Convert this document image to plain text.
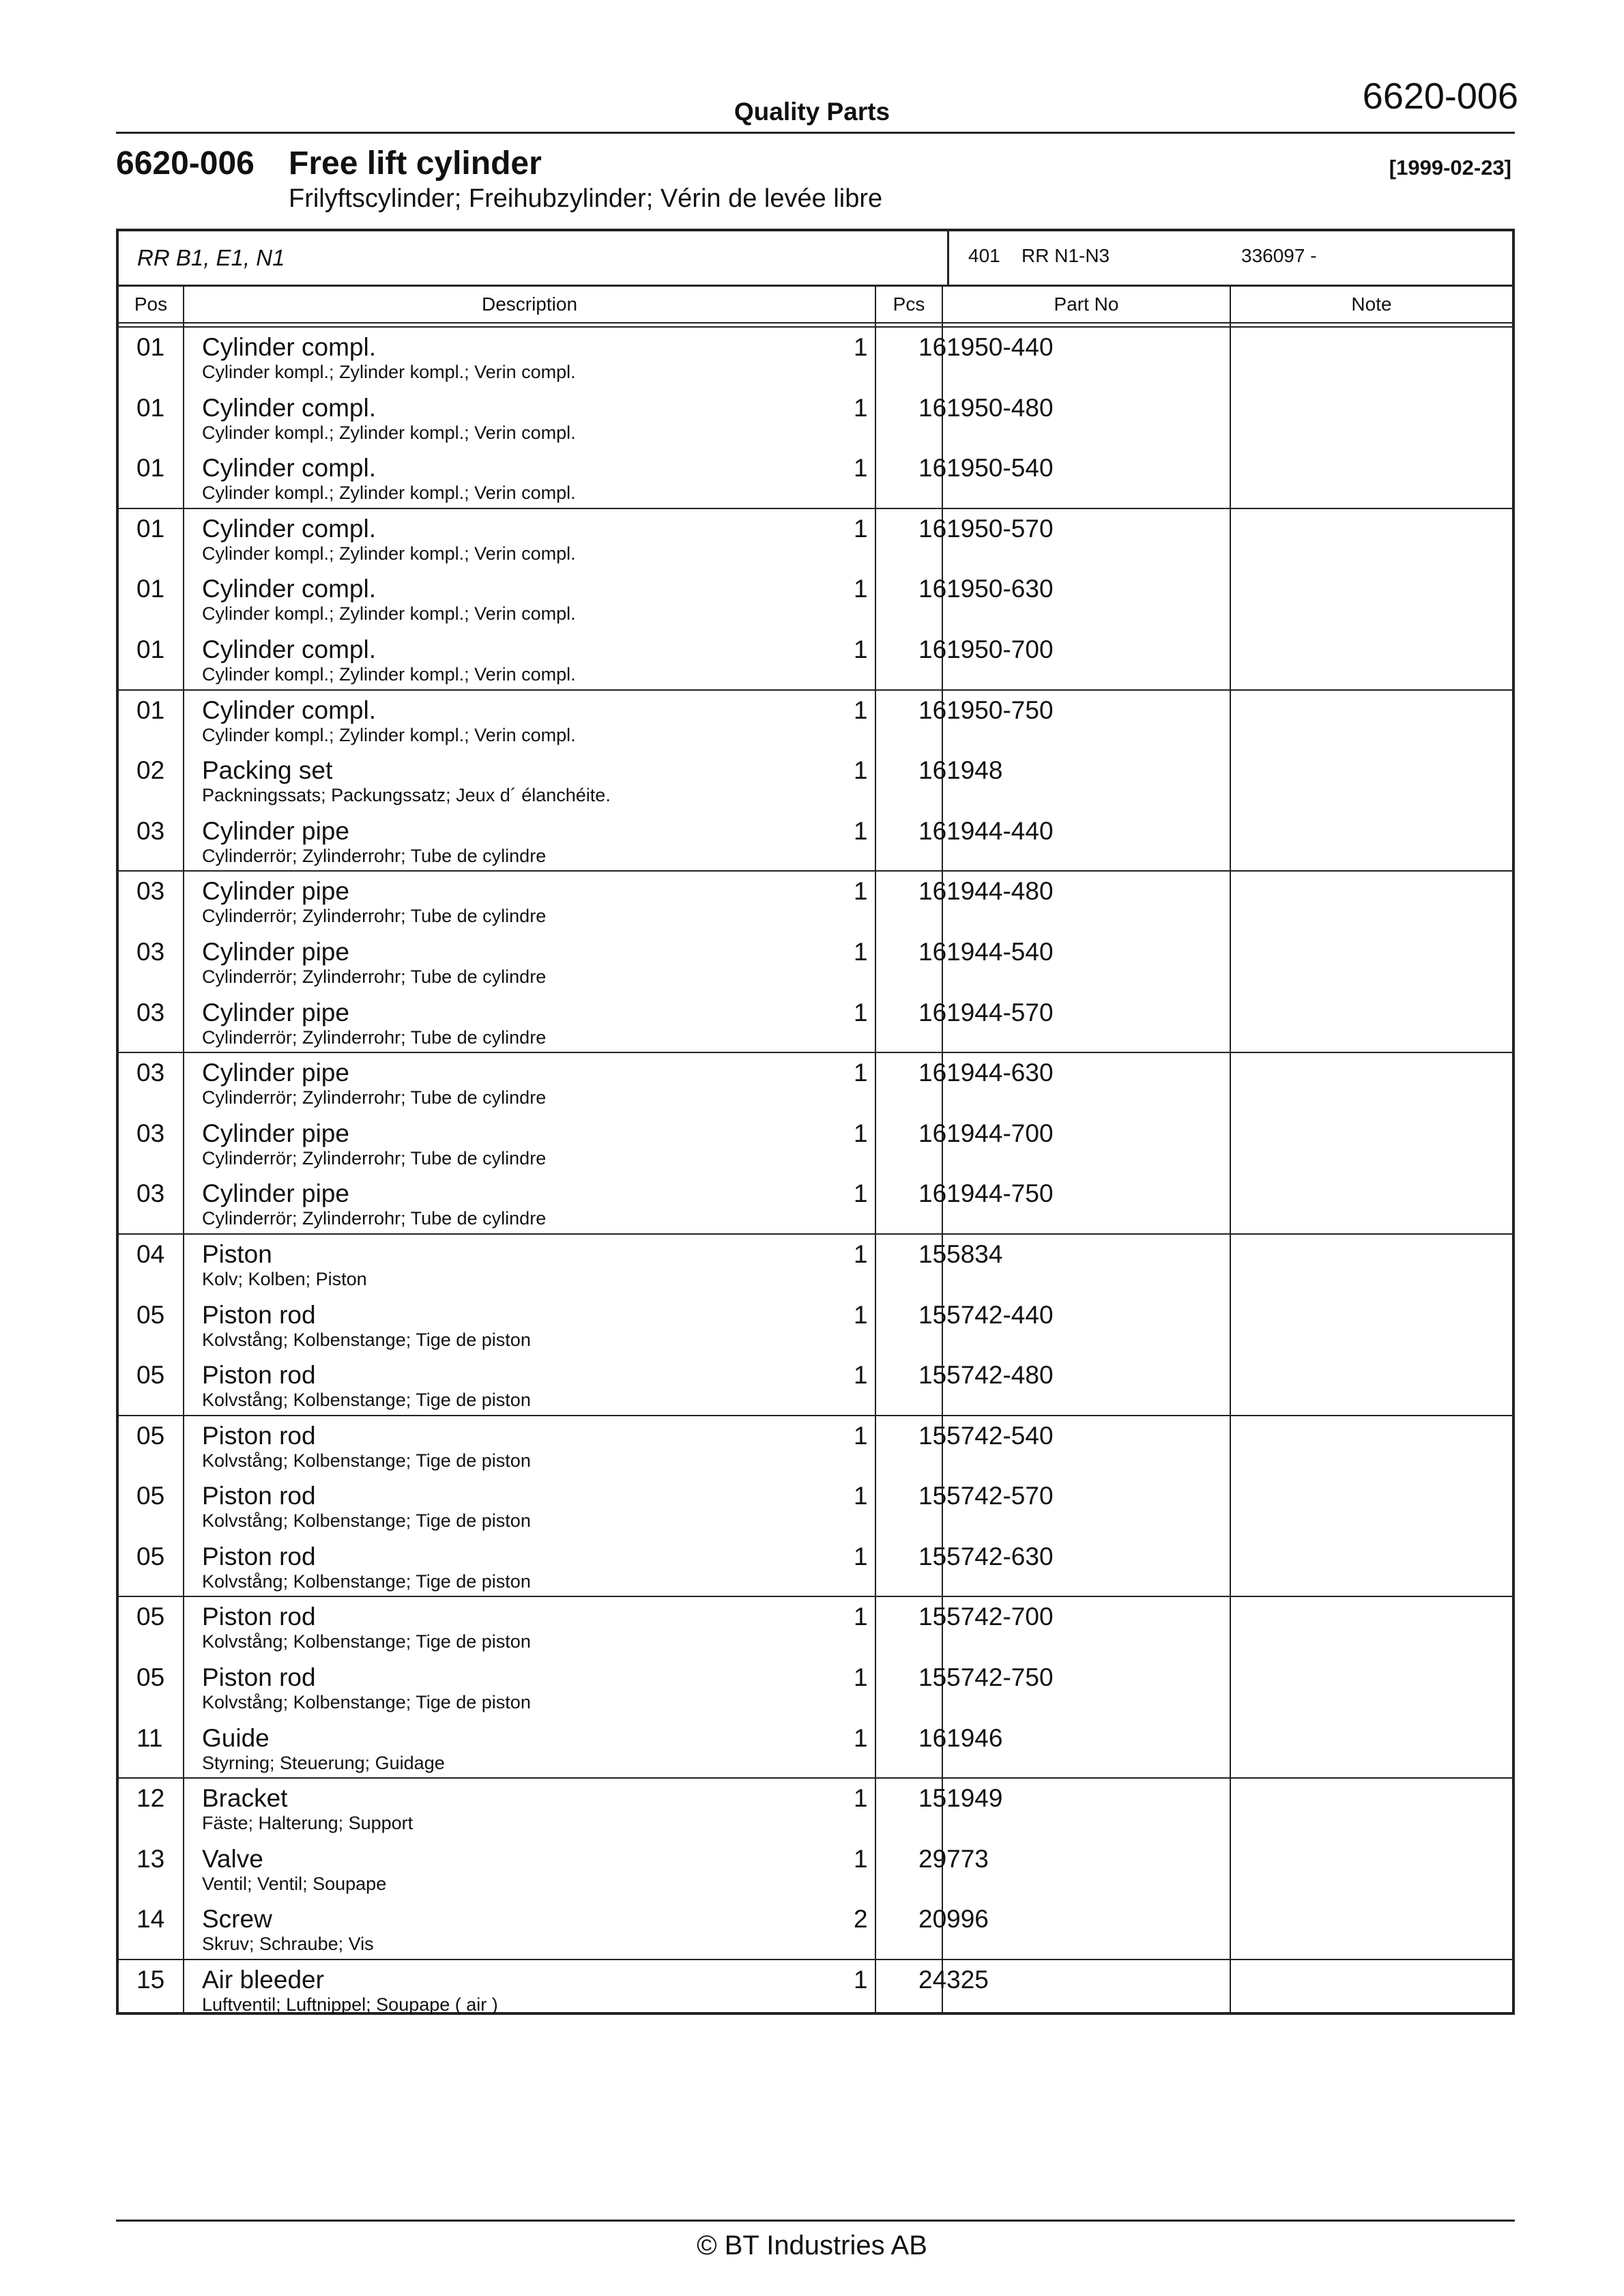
Quality Parts	6620-006
6620-006 Free lift cylinder	[1999-02-23]
Frilyftscylinder; Freihubzylinder; Vérin de levée libre
RR B1, E1, N1	401 RR N1-N3	336097 -
Pos	Description	Pcs	Part No	Note
01 Cylinder compl.
Cylinder kompl.; Zylinder kompl.; Verin compl.
1 161950-440
01 Cylinder compl.
Cylinder kompl.; Zylinder kompl.; Verin compl.
1 161950-480
01 Cylinder compl.
Cylinder kompl.; Zylinder kompl.; Verin compl.
1 161950-540
01 Cylinder compl.
Cylinder kompl.; Zylinder kompl.; Verin compl.
1 161950-570
01 Cylinder compl.
Cylinder kompl.; Zylinder kompl.; Verin compl.
1 161950-630
01 Cylinder compl.
Cylinder kompl.; Zylinder kompl.; Verin compl.
1 161950-700
01 Cylinder compl.
Cylinder kompl.; Zylinder kompl.; Verin compl.
1 161950-750
02 Packing set
Packningssats; Packungssatz; Jeux d´ élanchéite.
1 161948
03 Cylinder pipe
Cylinderrör; Zylinderrohr; Tube de cylindre
1 161944-440
03 Cylinder pipe
Cylinderrör; Zylinderrohr; Tube de cylindre
1 161944-480
03 Cylinder pipe
Cylinderrör; Zylinderrohr; Tube de cylindre
1 161944-540
03 Cylinder pipe
Cylinderrör; Zylinderrohr; Tube de cylindre
1 161944-570
03 Cylinder pipe
Cylinderrör; Zylinderrohr; Tube de cylindre
1 161944-630
03 Cylinder pipe
Cylinderrör; Zylinderrohr; Tube de cylindre
1 161944-700
03 Cylinder pipe
Cylinderrör; Zylinderrohr; Tube de cylindre
1 161944-750
04 Piston
Kolv; Kolben; Piston
1 155834
05 Piston rod
Kolvstång; Kolbenstange; Tige de piston
1 155742-440
05 Piston rod
Kolvstång; Kolbenstange; Tige de piston
1 155742-480
05 Piston rod
Kolvstång; Kolbenstange; Tige de piston
1 155742-540
05 Piston rod
Kolvstång; Kolbenstange; Tige de piston
1 155742-570
05 Piston rod
Kolvstång; Kolbenstange; Tige de piston
1 155742-630
05 Piston rod
Kolvstång; Kolbenstange; Tige de piston
1 155742-700
05 Piston rod
Kolvstång; Kolbenstange; Tige de piston
1 155742-750
11 Guide
Styrning; Steuerung; Guidage
1 161946
12 Bracket
Fäste; Halterung; Support
1 151949
13 Valve
Ventil; Ventil; Soupape
1 29773
14 Screw
Skruv; Schraube; Vis
2 20996
15 Air bleeder
Luftventil; Luftnippel; Soupape ( air )
1 24325
© BT Industries AB
